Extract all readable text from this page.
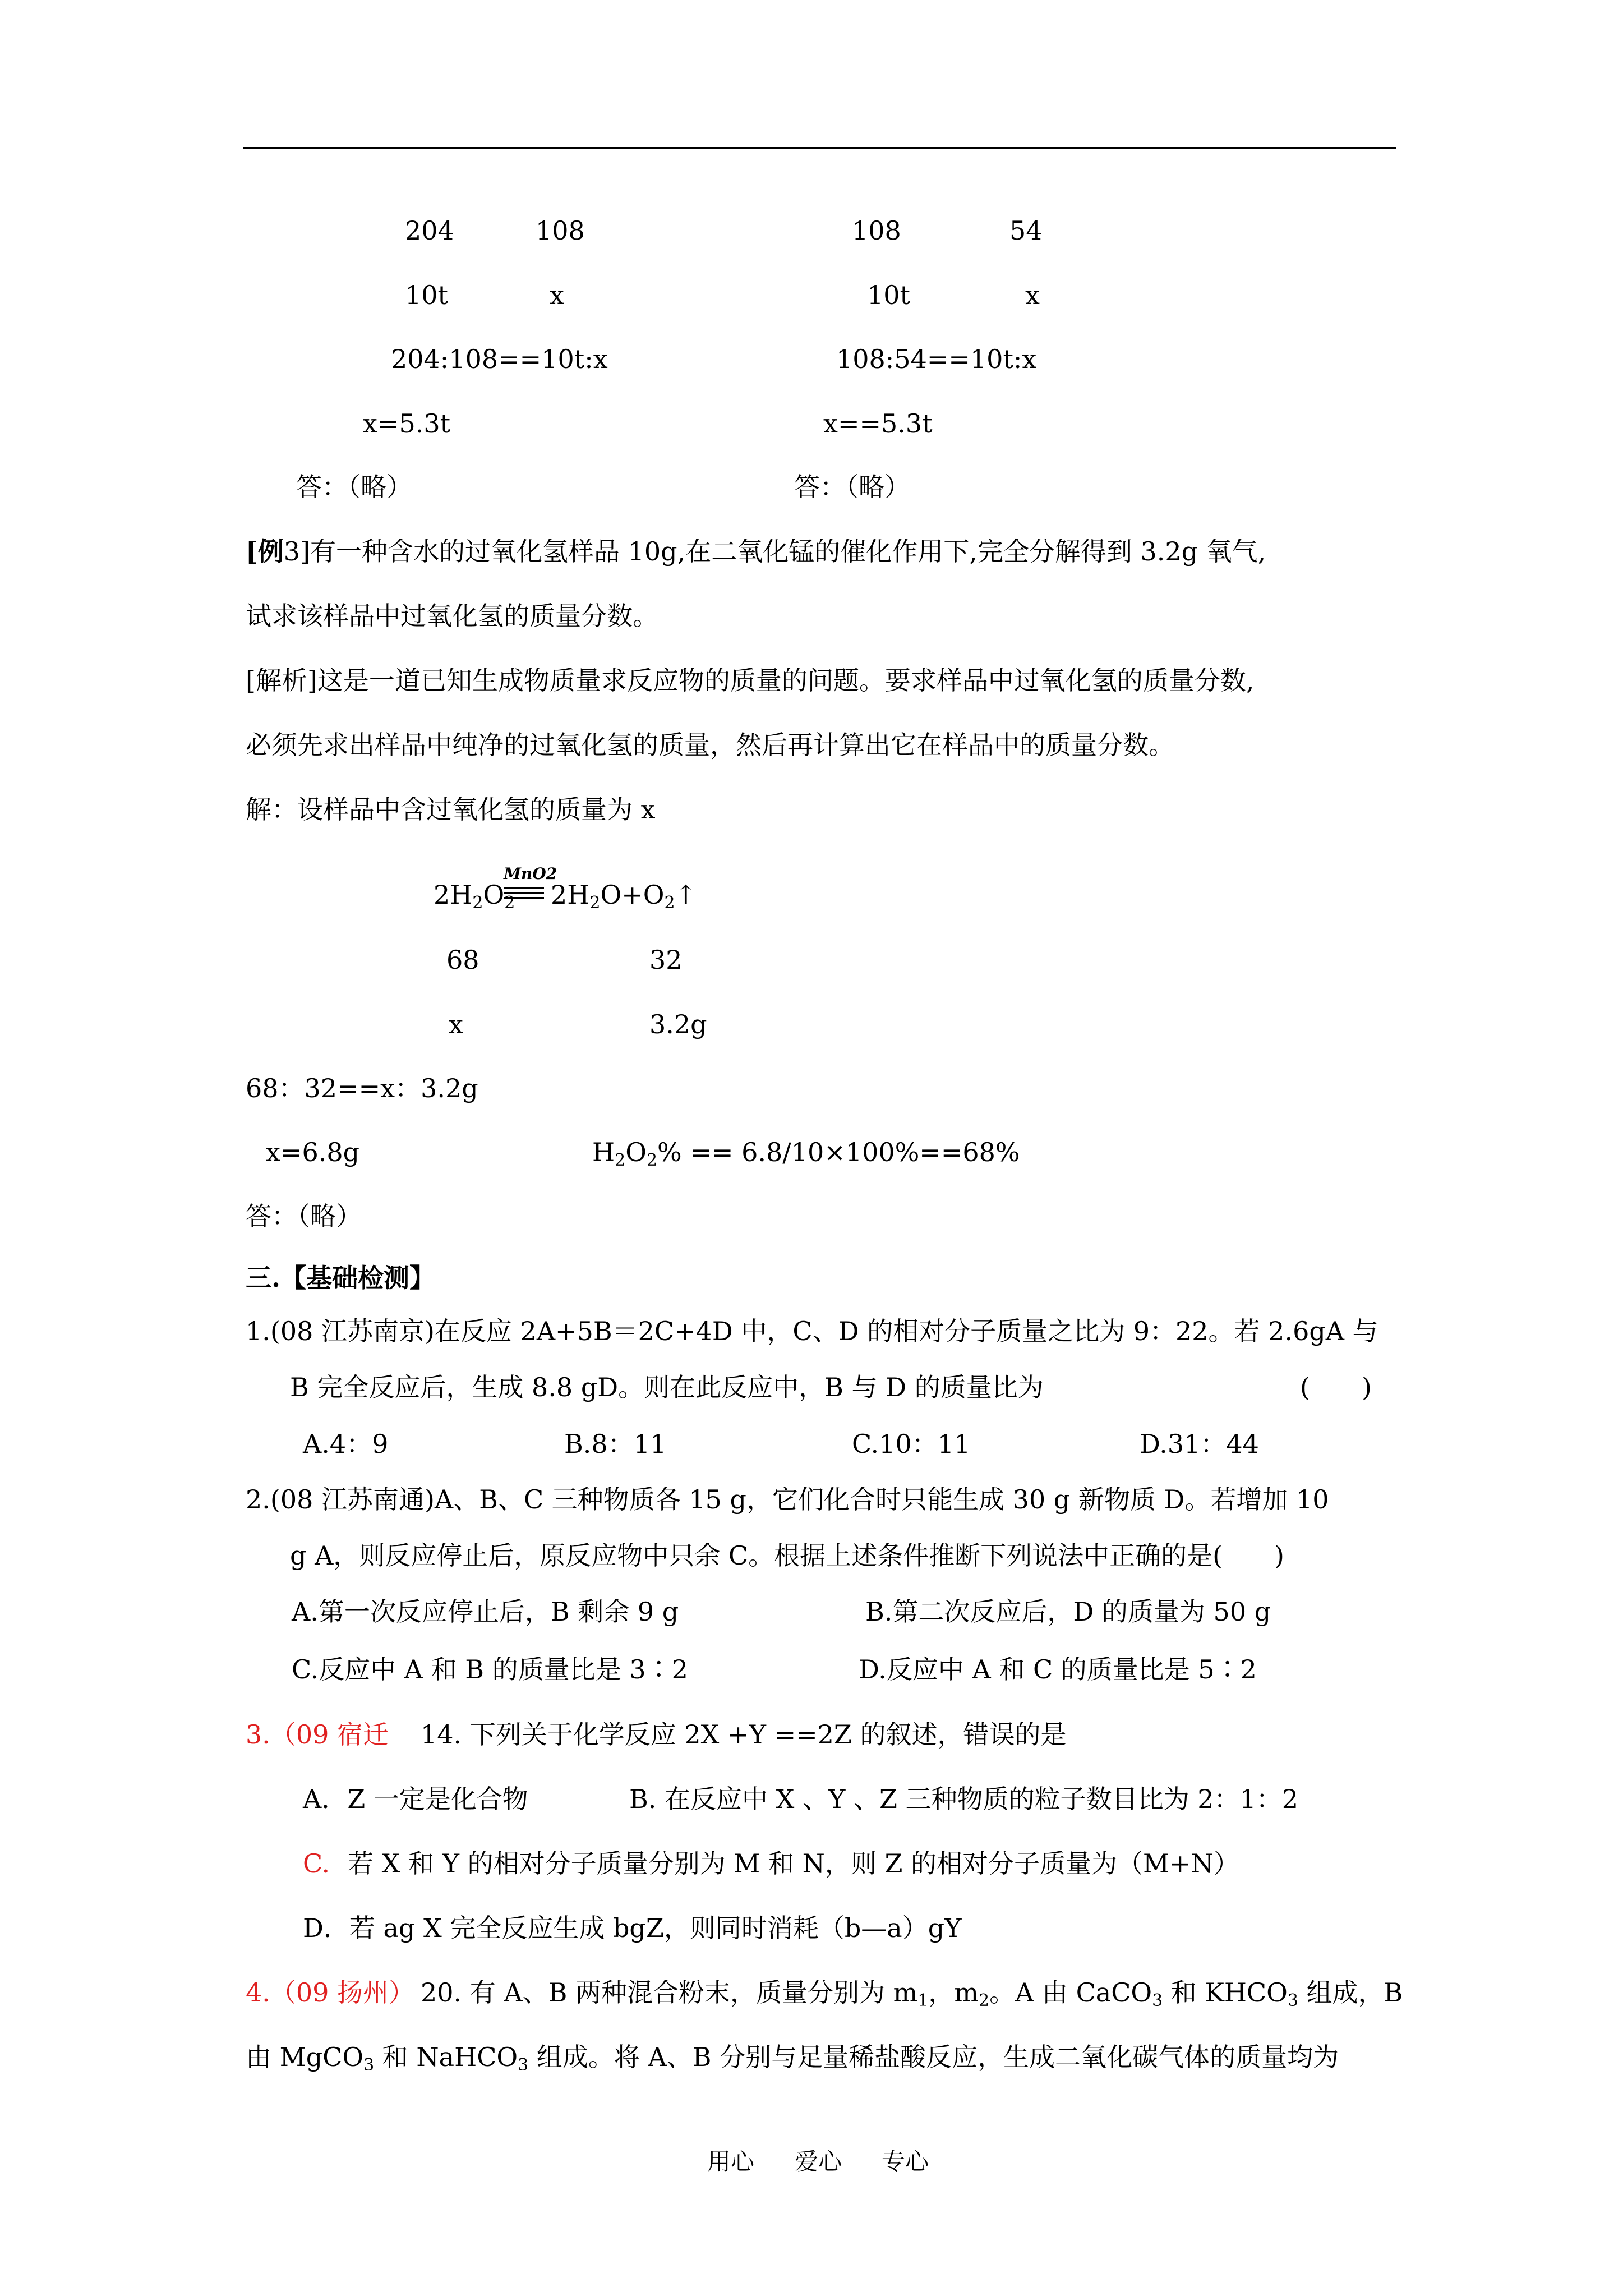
204	108	108	54
10t	x	10t	x
204:108==10t:x	108:54==10t:x
x=5.3t	x==5.3t
答：（略）	答：（略）
[例3]有一种含水的过氧化氢样品 10g,在二氧化锰的催化作用下,完全分解得到 3.2g 氧气,
试求该样品中过氧化氢的质量分数。
[解析]这是一道已知生成物质量求反应物的质量的问题。要求样品中过氧化氢的质量分数,
必须先求出样品中纯净的过氧化氢的质量，然后再计算出它在样品中的质量分数。
解：设样品中含过氧化氢的质量为 x
MnO2
$2H_2O_2$ $2H_2O+O_2↑$
68	32
x	3.2g
68：32==x：3.2g
x=6.8g	$H_2O_2\% == 6.8/10\times 100\%==68\%$
答：（略）
三.【基础检测】
1.(08 江苏南京)在反应 2A+5B＝2C+4D 中，C、D 的相对分子质量之比为 9：22。若 2.6gA 与
B 完全反应后，生成 8.8 gD。则在此反应中，B 与 D 的质量比为	(　　)
A.4：9	B.8：11	C.10：11	D.31：44
2.(08 江苏南通)A、B、C 三种物质各 15 g，它们化合时只能生成 30 g 新物质 D。若增加 10
g A，则反应停止后，原反应物中只余 C。根据上述条件推断下列说法中正确的是(　　)
A.第一次反应停止后，B 剩余 9 g	B.第二次反应后，D 的质量为 50 g
C.反应中 A 和 B 的质量比是 3∶2	D.反应中 A 和 C 的质量比是 5∶2
3.（09 宿迁 14. 下列关于化学反应 2X +Y ==2Z 的叙述，错误的是
A．Z 一定是化合物	B. 在反应中 X 、Y 、Z 三种物质的粒子数目比为 2：1：2
C. 若 X 和 Y 的相对分子质量分别为 M 和 N，则 Z 的相对分子质量为（M+N）
D．若 ag X 完全反应生成 bgZ，则同时消耗（b—a）gY
4.（09 扬州） 20. 有 A、B 两种混合粉末，质量分别为 $m_1$，$m_2$。A 由 CaCO$_3$ 和 $KHCO_3$ 组成，B
由 MgCO$_3$ 和 NaHCO$_3$ 组成。将 A、B 分别与足量稀盐酸反应，生成二氧化碳气体的质量均为
用心 爱心 专心
